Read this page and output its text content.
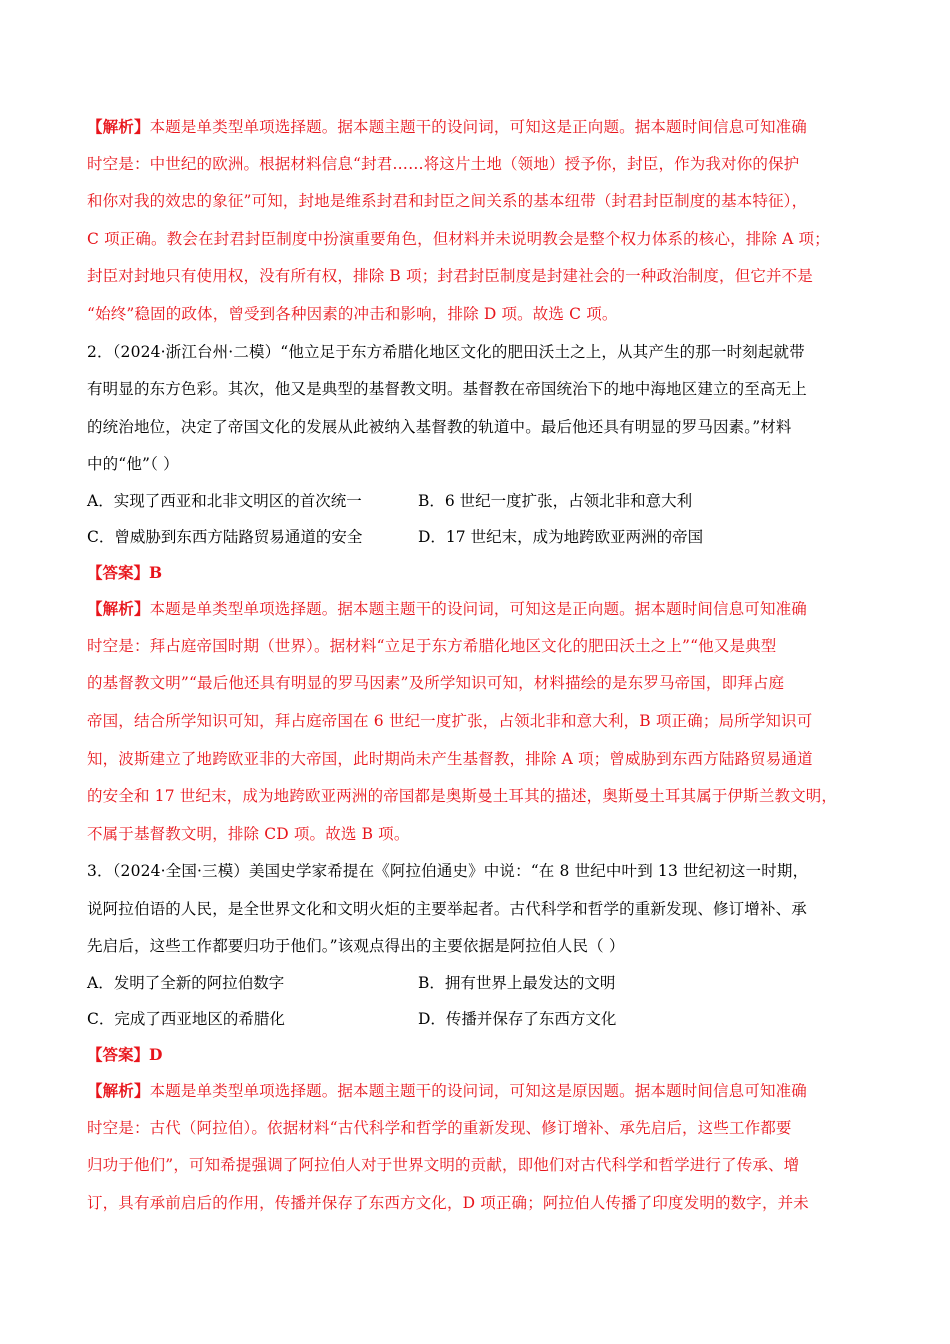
【解析】本题是单类型单项选择题。据本题主题干的设问词，可知这是正向题。据本题时间信息可知准确
时空是：中世纪的欧洲。根据材料信息“封君……将这片土地（领地）授予你，封臣，作为我对你的保护
和你对我的效忠的象征”可知，封地是维系封君和封臣之间关系的基本纽带（封君封臣制度的基本特征），
C 项正确。教会在封君封臣制度中扮演重要角色，但材料并未说明教会是整个权力体系的核心，排除 A 项；
封臣对封地只有使用权，没有所有权，排除 B 项；封君封臣制度是封建社会的一种政治制度，但它并不是
“始终”稳固的政体，曾受到各种因素的冲击和影响，排除 D 项。故选 C 项。
2．（2024·浙江台州·二模）“他立足于东方希腊化地区文化的肥田沃土之上，从其产生的那一时刻起就带
有明显的东方色彩。其次，他又是典型的基督教文明。基督教在帝国统治下的地中海地区建立的至高无上
的统治地位，决定了帝国文化的发展从此被纳入基督教的轨道中。最后他还具有明显的罗马因素。”材料
中的“他”（ ）
A．实现了西亚和北非文明区的首次统一	B．6 世纪一度扩张，占领北非和意大利
C．曾威胁到东西方陆路贸易通道的安全	D．17 世纪末，成为地跨欧亚两洲的帝国
【答案】B
【解析】本题是单类型单项选择题。据本题主题干的设问词，可知这是正向题。据本题时间信息可知准确
时空是：拜占庭帝国时期（世界）。据材料“立足于东方希腊化地区文化的肥田沃土之上”“他又是典型
的基督教文明”“最后他还具有明显的罗马因素”及所学知识可知，材料描绘的是东罗马帝国，即拜占庭
帝国，结合所学知识可知，拜占庭帝国在 6 世纪一度扩张，占领北非和意大利，B 项正确；局所学知识可
知，波斯建立了地跨欧亚非的大帝国，此时期尚未产生基督教，排除 A 项；曾威胁到东西方陆路贸易通道
的安全和 17 世纪末，成为地跨欧亚两洲的帝国都是奥斯曼土耳其的描述，奥斯曼土耳其属于伊斯兰教文明，
不属于基督教文明，排除 CD 项。故选 B 项。
3．（2024·全国·三模）美国史学家希提在《阿拉伯通史》中说：“在 8 世纪中叶到 13 世纪初这一时期，
说阿拉伯语的人民，是全世界文化和文明火炬的主要举起者。古代科学和哲学的重新发现、修订增补、承
先启后，这些工作都要归功于他们。”该观点得出的主要依据是阿拉伯人民（ ）
A．发明了全新的阿拉伯数字	B．拥有世界上最发达的文明
C．完成了西亚地区的希腊化	D．传播并保存了东西方文化
【答案】D
【解析】本题是单类型单项选择题。据本题主题干的设问词，可知这是原因题。据本题时间信息可知准确
时空是：古代（阿拉伯）。依据材料“古代科学和哲学的重新发现、修订增补、承先启后，这些工作都要
归功于他们”，可知希提强调了阿拉伯人对于世界文明的贡献，即他们对古代科学和哲学进行了传承、增
订，具有承前启后的作用，传播并保存了东西方文化，D 项正确；阿拉伯人传播了印度发明的数字，并未
